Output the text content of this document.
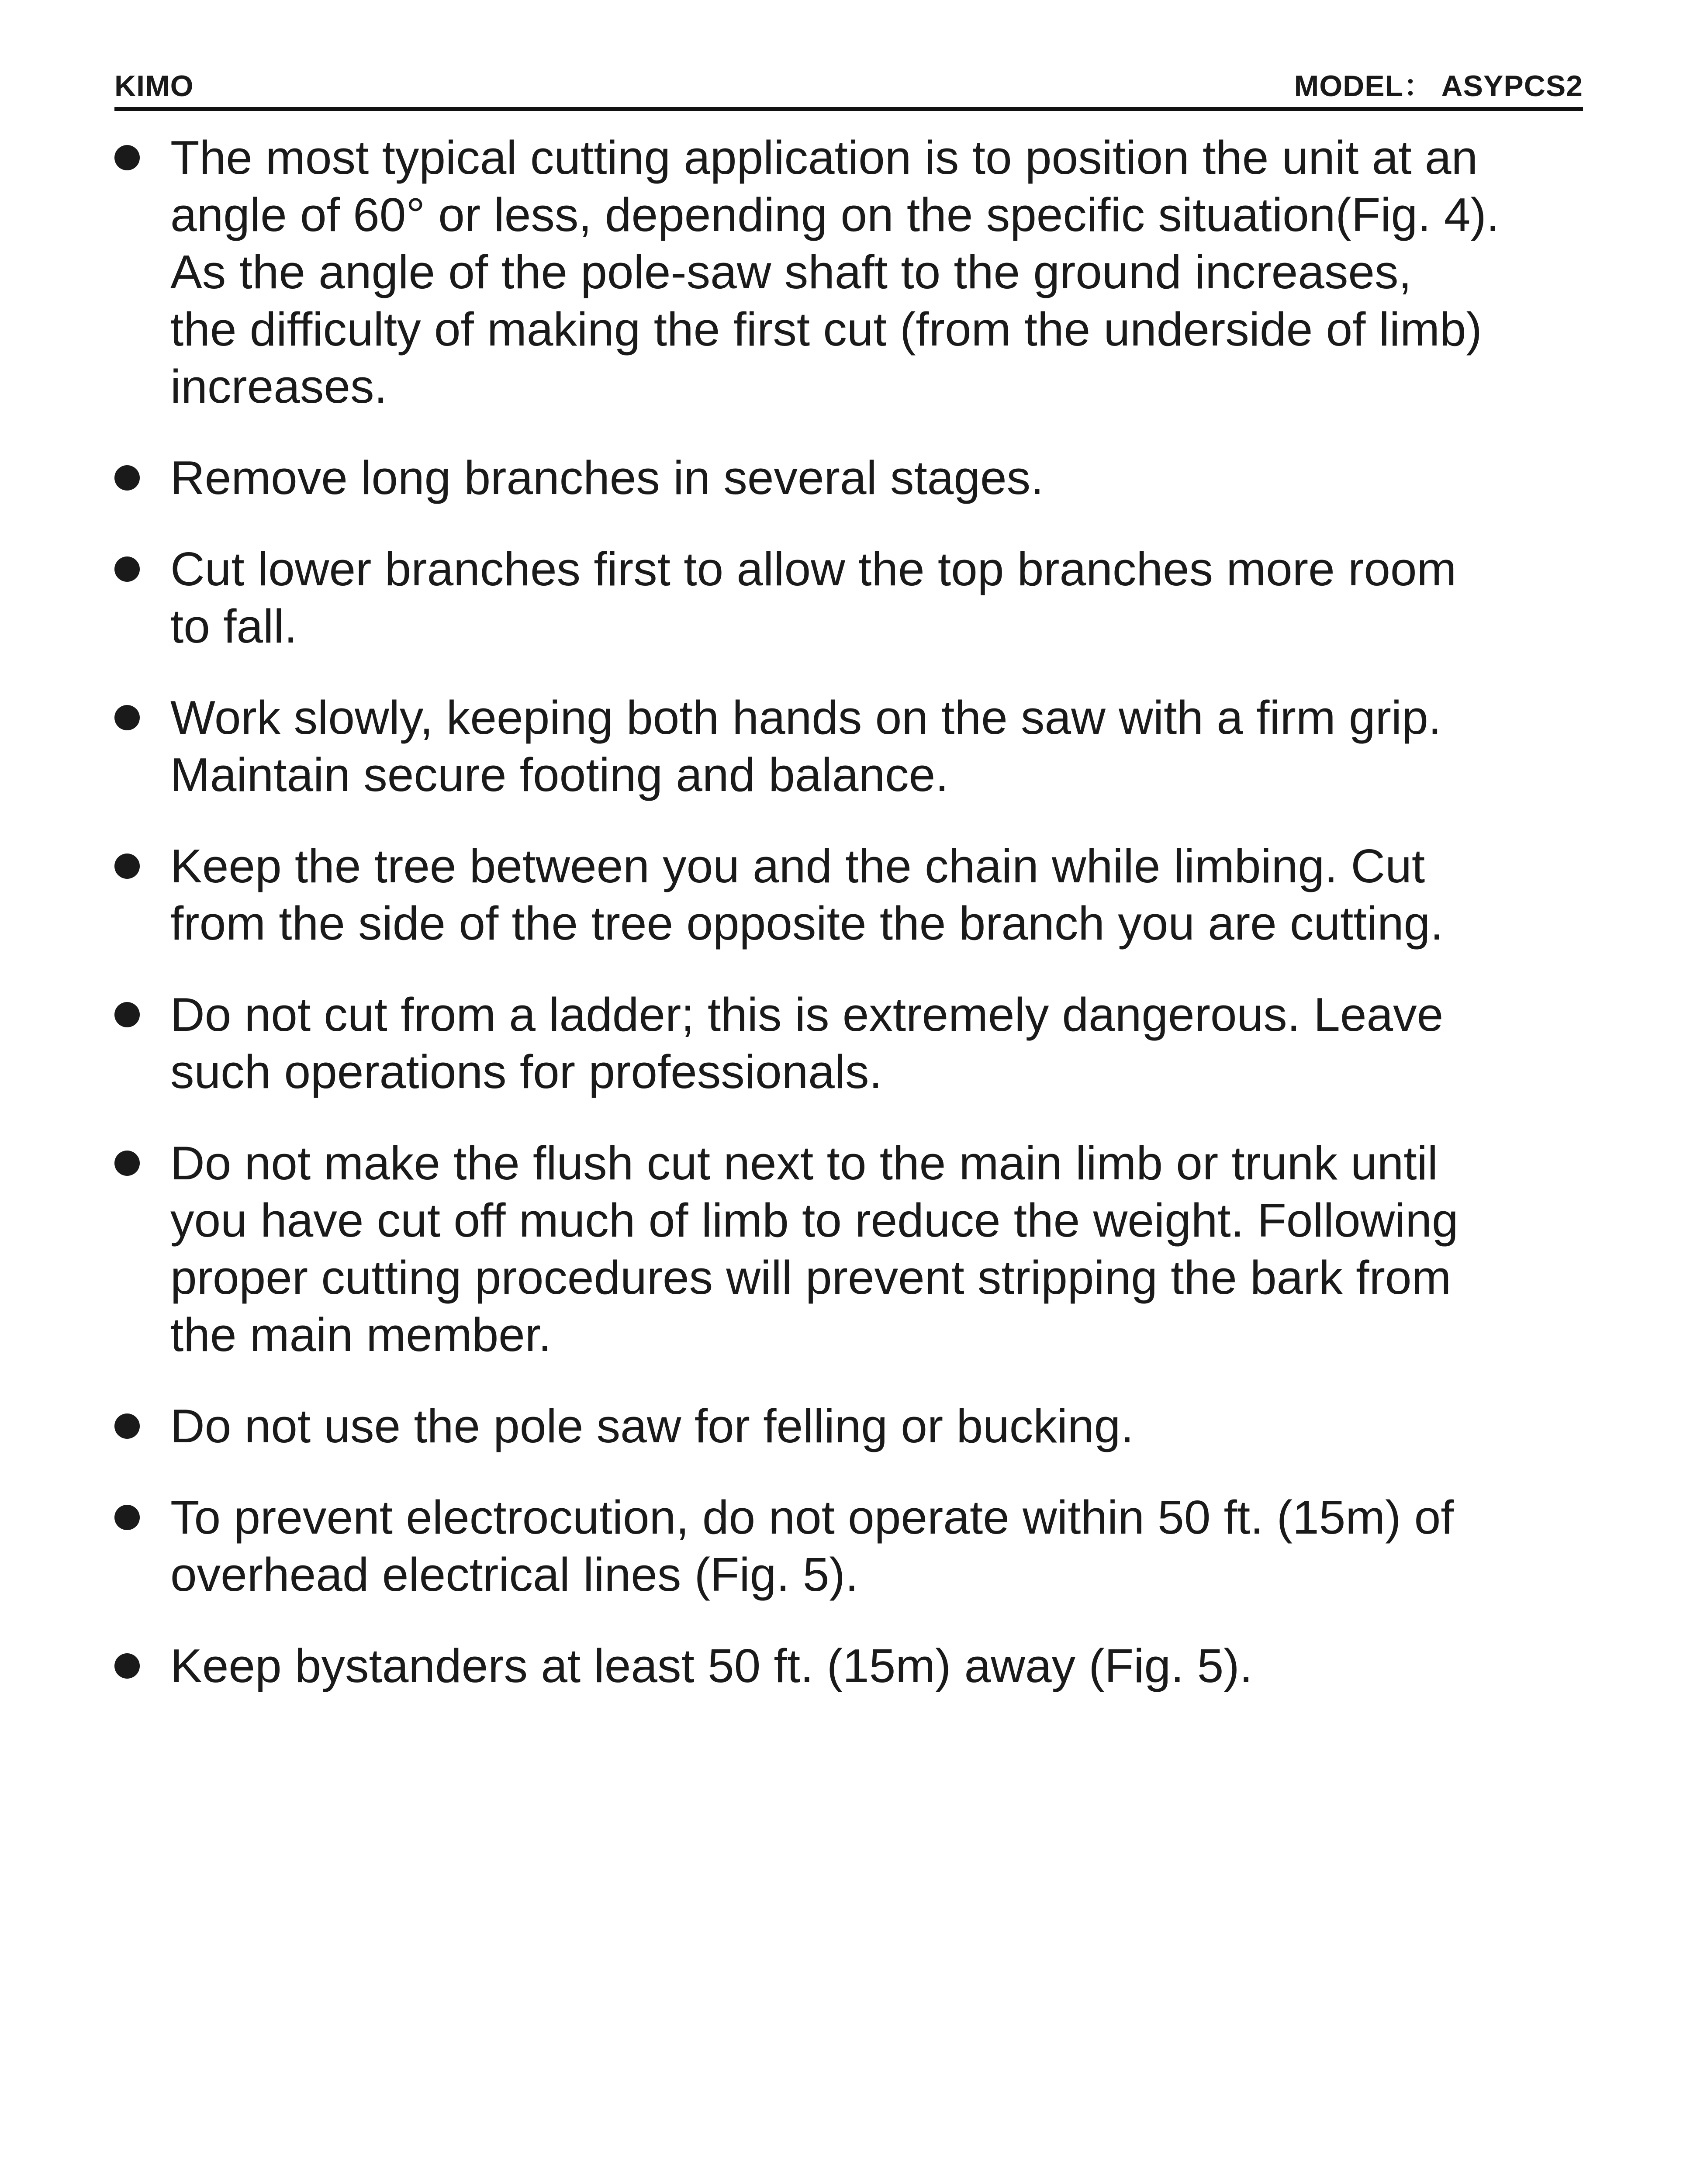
KIMO	MODEL： ASYPCS2
The most typical cutting application is to position the unit at an
angle of 60° or less, depending on the specific situation(Fig. 4).
As the angle of the pole-saw shaft to the ground increases,
the difficulty of making the first cut (from the underside of limb)
increases.
Remove long branches in several stages.
Cut lower branches first to allow the top branches more room
to fall.
Work slowly, keeping both hands on the saw with a firm grip.
Maintain secure footing and balance.
Keep the tree between you and the chain while limbing. Cut
from the side of the tree opposite the branch you are cutting.
Do not cut from a ladder; this is extremely dangerous. Leave
such operations for professionals.
Do not make the flush cut next to the main limb or trunk until
you have cut off much of limb to reduce the weight. Following
proper cutting procedures will prevent stripping the bark from
the main member.
Do not use the pole saw for felling or bucking.
To prevent electrocution, do not operate within 50 ft. (15m) of
overhead electrical lines (Fig. 5).
Keep bystanders at least 50 ft. (15m) away (Fig. 5).
